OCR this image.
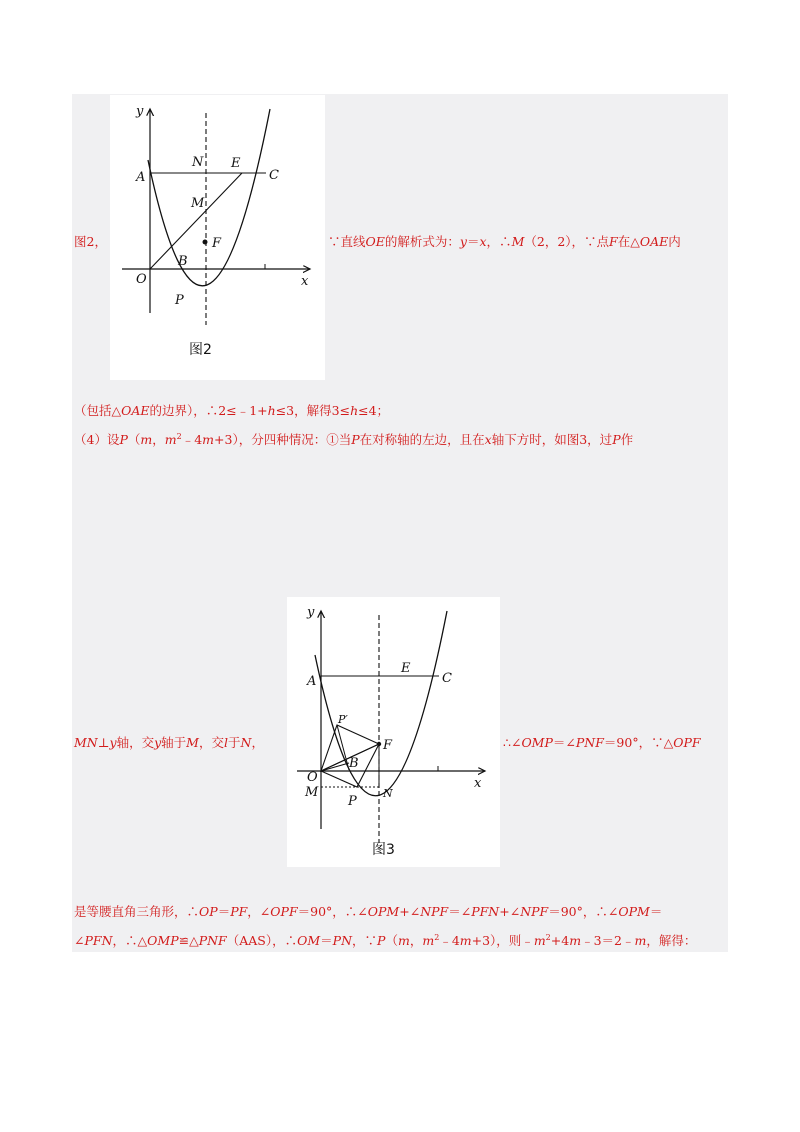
y
x
N E
A	C
M
F
B
O
P
图2
y
x
E
C
A
P′
F
B
O
M	N
P
图3
图2，	∵直线OE的解析式为：y＝x，∴M（2，2），∵点F在△OAE内
（包括△OAE的边界），∴2≤﹣1+h≤3，解得3≤h≤4；
（4）设P（m，$m^2﹣4m+3$），分四种情况：①当P在对称轴的左边，且在x轴下方时，如图3，过P作
MN⊥y轴，交y轴于M，交l于N，	∴∠OMP＝∠PNF＝90°，∵△OPF
是等腰直角三角形，∴OP＝PF，∠OPF＝90°，∴∠OPM+∠NPF＝∠PFN+∠NPF＝90°，∴∠OPM＝
∠PFN，∴△OMP≌△PNF（AAS），∴OM＝PN，∵P（m，$m^2﹣4m+3$），则$﹣m^2+4m﹣3=2﹣m$，解得：
